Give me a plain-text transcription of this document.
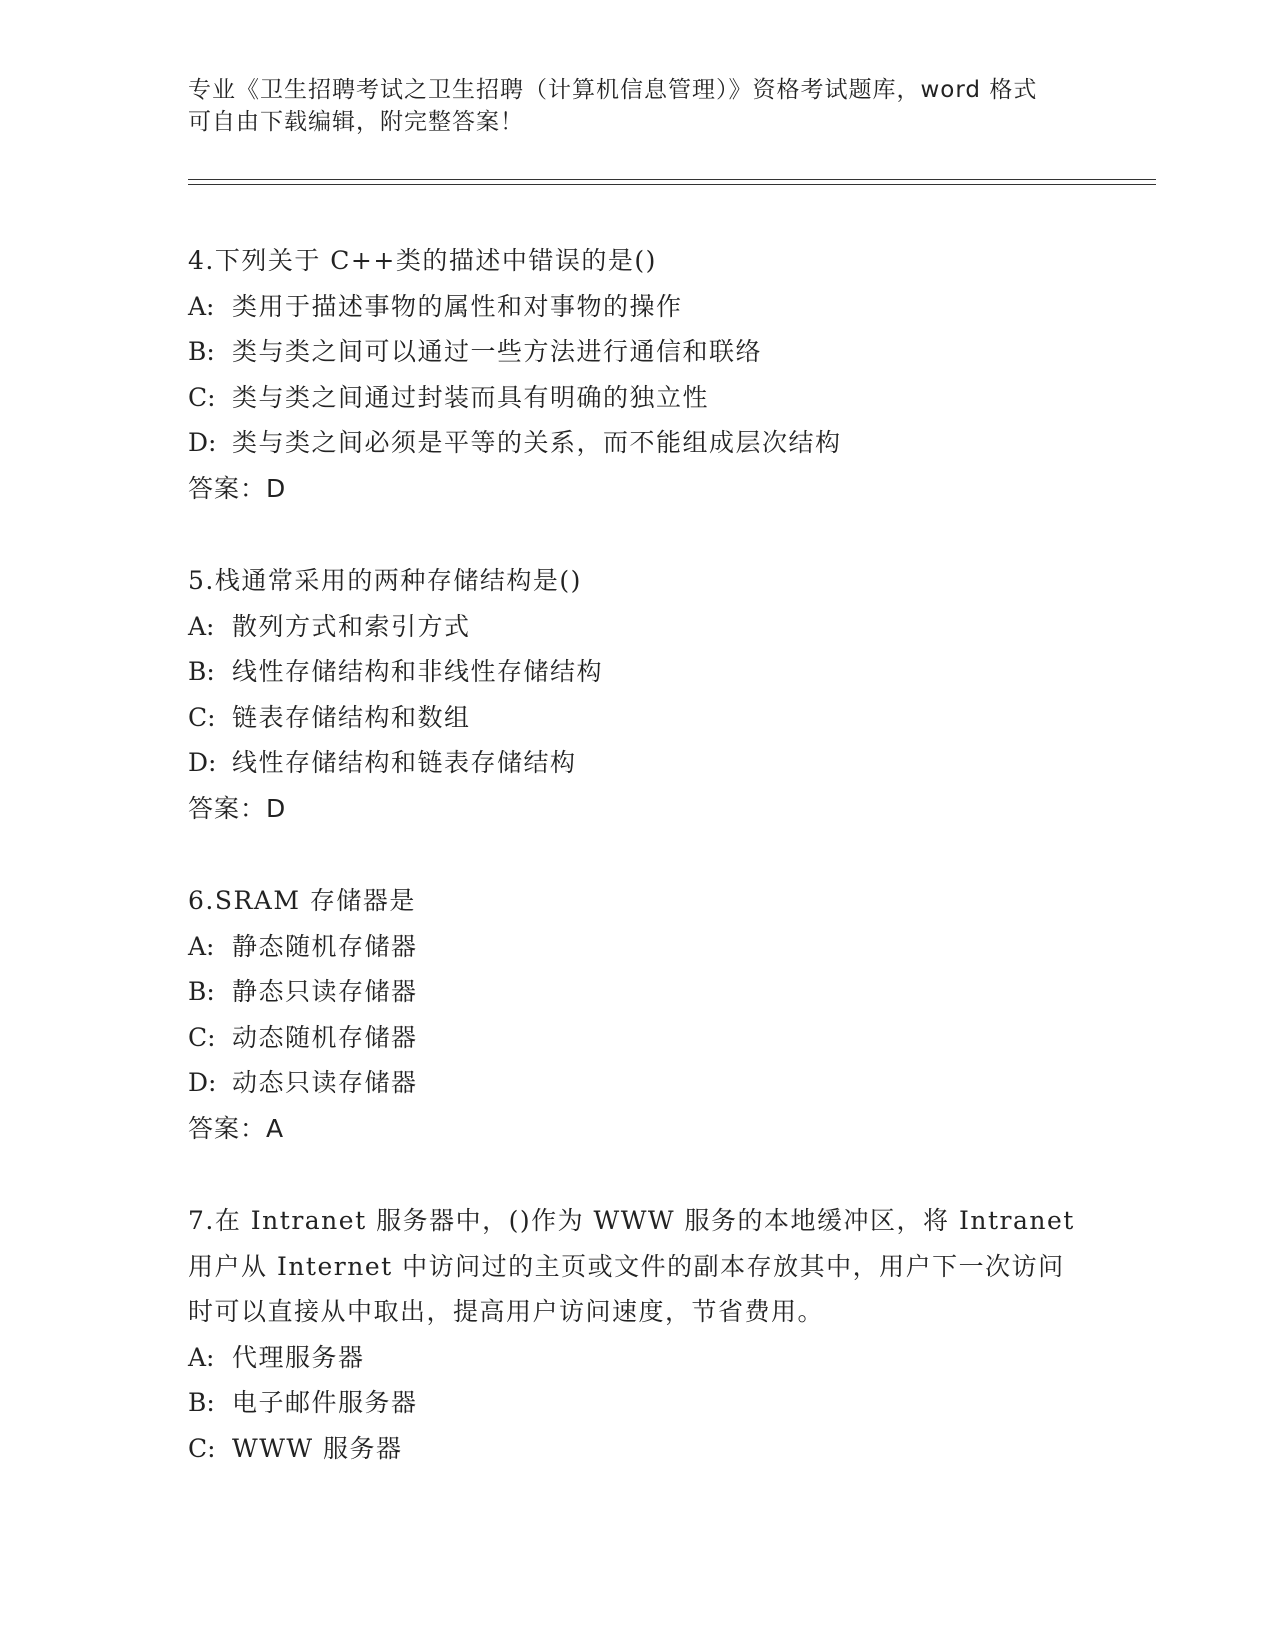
专业《卫生招聘考试之卫生招聘（计算机信息管理）》资格考试题库，word 格式
可自由下载编辑，附完整答案！
4.下列关于 C++类的描述中错误的是()
A: 类用于描述事物的属性和对事物的操作
B: 类与类之间可以通过一些方法进行通信和联络
C: 类与类之间通过封装而具有明确的独立性
D: 类与类之间必须是平等的关系，而不能组成层次结构
答案：D
5.栈通常采用的两种存储结构是()
A: 散列方式和索引方式
B: 线性存储结构和非线性存储结构
C: 链表存储结构和数组
D: 线性存储结构和链表存储结构
答案：D
6.SRAM 存储器是
A: 静态随机存储器
B: 静态只读存储器
C: 动态随机存储器
D: 动态只读存储器
答案：A
7.在 Intranet 服务器中，()作为 WWW 服务的本地缓冲区，将 Intranet 用户从 Internet 中访问过的主页或文件的副本存放其中，用户下一次访问时可以直接从中取出，提高用户访问速度，节省费用。
A: 代理服务器
B: 电子邮件服务器
C: WWW 服务器
